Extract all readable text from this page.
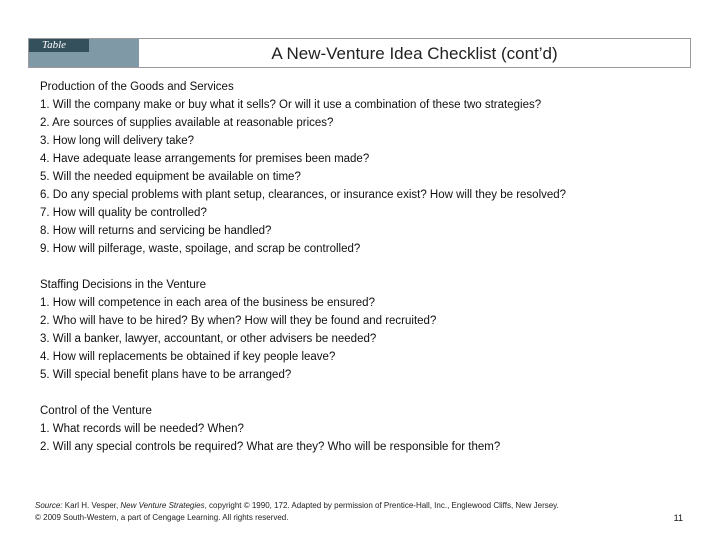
Table	A New-Venture Idea Checklist (cont’d)
Production of the Goods and Services
1. Will the company make or buy what it sells? Or will it use a combination of these two strategies?
2. Are sources of supplies available at reasonable prices?
3. How long will delivery take?
4. Have adequate lease arrangements for premises been made?
5. Will the needed equipment be available on time?
6. Do any special problems with plant setup, clearances, or insurance exist? How will they be resolved?
7. How will quality be controlled?
8. How will returns and servicing be handled?
9. How will pilferage, waste, spoilage, and scrap be controlled?
Staffing Decisions in the Venture
1. How will competence in each area of the business be ensured?
2. Who will have to be hired? By when? How will they be found and recruited?
3. Will a banker, lawyer, accountant, or other advisers be needed?
4. How will replacements be obtained if key people leave?
5. Will special benefit plans have to be arranged?
Control of the Venture
1. What records will be needed? When?
2. Will any special controls be required? What are they? Who will be responsible for them?
Source: Karl H. Vesper, New Venture Strategies, copyright © 1990, 172. Adapted by permission of Prentice-Hall, Inc., Englewood Cliffs, New Jersey.
© 2009 South-Western, a part of Cengage Learning. All rights reserved.	11
